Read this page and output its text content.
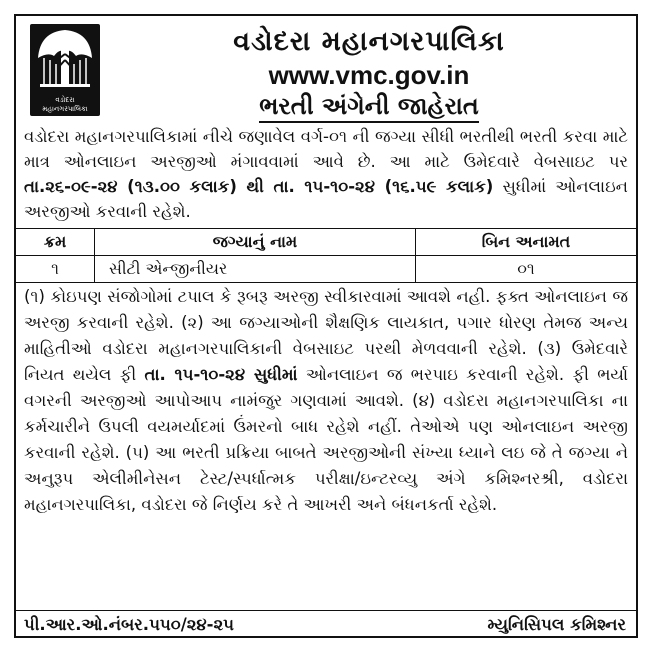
વડોદરા
મહાનગરપાલિકા
વડોદરા મહાનગરપાલિકા
www.vmc.gov.in
ભરતી અંગેની જાહેરાત
વડોદરા મહાનગરપાલિકામાં નીચે જણાવેલ વર્ગ-૦૧ ની જગ્યા સીધી ભરતીથી ભરતી કરવા માટે માત્ર ઓનલાઇન અરજીઓ મંગાવવામાં આવે છે. આ માટે ઉમેદવારે વેબસાઇટ પર તા.૨૬-૦૯-૨૪ (૧૩.૦૦ કલાક) થી તા. ૧૫-૧૦-૨૪ (૧૬.૫૯ કલાક) સુધીમાં ઓનલાઇન અરજીઓ કરવાની રહેશે.
ક્રમ	જગ્યાનું નામ	બિન અનામત
૧	સીટી એન્જીનીયર	૦૧
(૧) કોઇપણ સંજોગોમાં ટપાલ કે રૂબરૂ અરજી સ્વીકારવામાં આવશે નહી. ફક્ત ઓનલાઇન જ અરજી કરવાની રહેશે. (૨) આ જગ્યાઓની શૈક્ષણિક લાયકાત, પગાર ધોરણ તેમજ અન્ય માહિતીઓ વડોદરા મહાનગરપાલિકાની વેબસાઇટ પરથી મેળવવાની રહેશે. (૩) ઉમેદવારે નિયત થયેલ ફી તા. ૧૫-૧૦-૨૪ સુધીમાં ઓનલાઇન જ ભરપાઇ કરવાની રહેશે. ફી ભર્યા વગરની અરજીઓ આપોઆપ નામંજુર ગણવામાં આવશે. (૪) વડોદરા મહાનગરપાલિકા ના કર્મચારીને ઉપલી વયમર્યાદમાં ઉંમરનો બાધ રહેશે નહીં. તેઓએ પણ ઓનલાઇન અરજી કરવાની રહેશે. (૫) આ ભરતી પ્રક્રિયા બાબતે અરજીઓની સંખ્યા ધ્યાને લઇ જે તે જગ્યા ને અનુરૂપ એલીમીનેસન ટેસ્ટ/સ્પર્ધાત્મક પરીક્ષા/ઇન્ટરવ્યુ અંગે કમિશ્નરશ્રી, વડોદરા મહાનગરપાલિકા, વડોદરા જે નિર્ણય કરે તે આખરી અને બંધનકર્તા રહેશે.
પી.આર.ઓ.નંબર.૫૫૦/૨૪-૨૫	મ્યુનિસિપલ કમિશ્નર
